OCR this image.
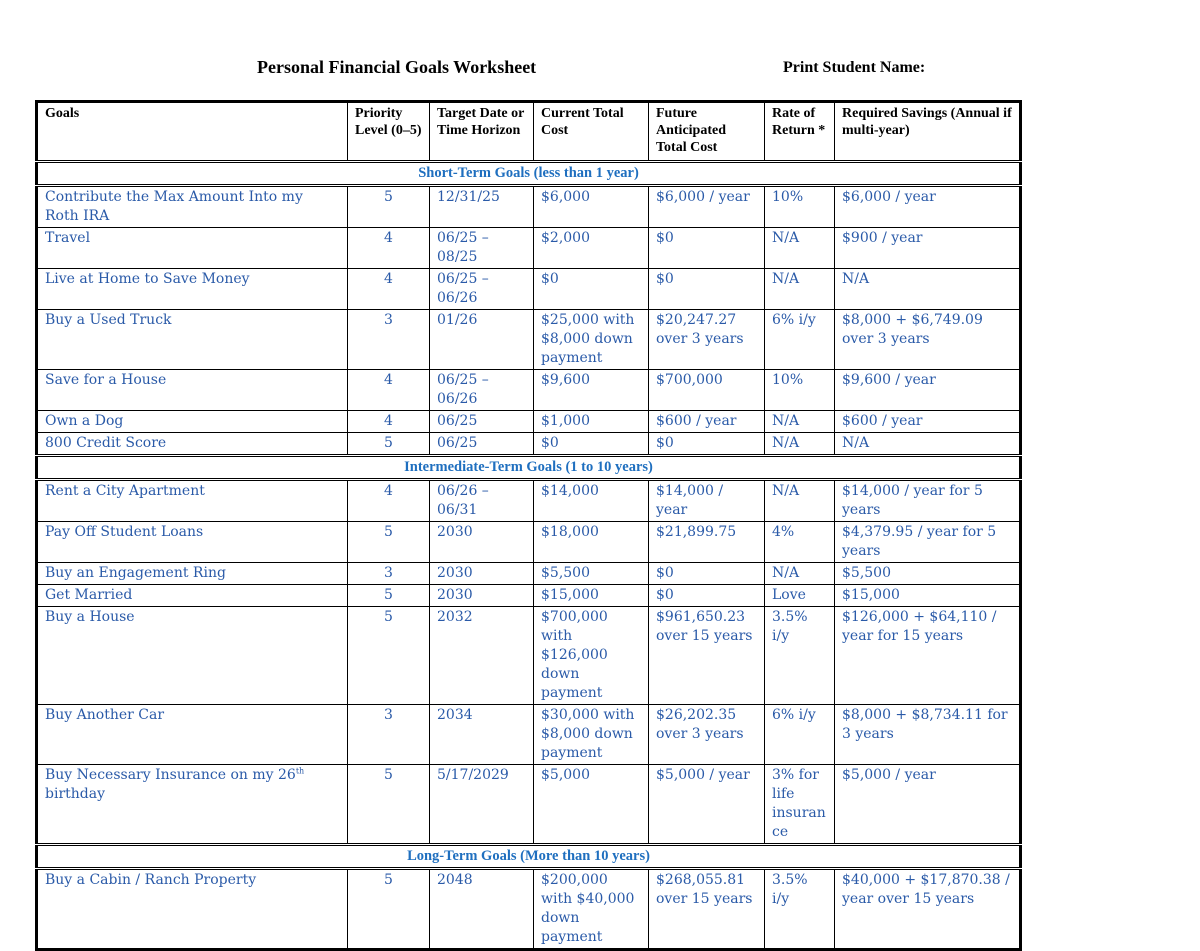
Personal Financial Goals Worksheet	Print Student Name:
Goals	Priority Level (0–5)	Target Date or Time Horizon	Current Total Cost	Future Anticipated Total Cost	Rate of Return *	Required Savings (Annual if multi-year)
Short-Term Goals (less than 1 year)						
Contribute the Max Amount Into my Roth IRA	5	12/31/25	$6,000	$6,000 / year	10%	$6,000 / year
Travel	4	06/25 – 08/25	$2,000	$0	N/A	$900 / year
Live at Home to Save Money	4	06/25 – 06/26	$0	$0	N/A	N/A
Buy a Used Truck	3	01/26	$25,000 with $8,000 down payment	$20,247.27 over 3 years	6% i/y	$8,000 + $6,749.09 over 3 years
Save for a House	4	06/25 – 06/26	$9,600	$700,000	10%	$9,600 / year
Own a Dog	4	06/25	$1,000	$600 / year	N/A	$600 / year
800 Credit Score	5	06/25	$0	$0	N/A	N/A
Intermediate-Term Goals (1 to 10 years)						
Rent a City Apartment	4	06/26 – 06/31	$14,000	$14,000 / year	N/A	$14,000 / year for 5 years
Pay Off Student Loans	5	2030	$18,000	$21,899.75	4%	$4,379.95 / year for 5 years
Buy an Engagement Ring	3	2030	$5,500	$0	N/A	$5,500
Get Married	5	2030	$15,000	$0	Love	$15,000
Buy a House	5	2032	$700,000 with $126,000 down payment	$961,650.23 over 15 years	3.5% i/y	$126,000 + $64,110 / year for 15 years
Buy Another Car	3	2034	$30,000 with $8,000 down payment	$26,202.35 over 3 years	6% i/y	$8,000 + $8,734.11 for 3 years
Buy Necessary Insurance on my 26th birthday	5	5/17/2029	$5,000	$5,000 / year	3% for life insuran ce	$5,000 / year
Long-Term Goals (More than 10 years)						
Buy a Cabin / Ranch Property	5	2048	$200,000 with $40,000 down payment	$268,055.81 over 15 years	3.5% i/y	$40,000 + $17,870.38 / year over 15 years
